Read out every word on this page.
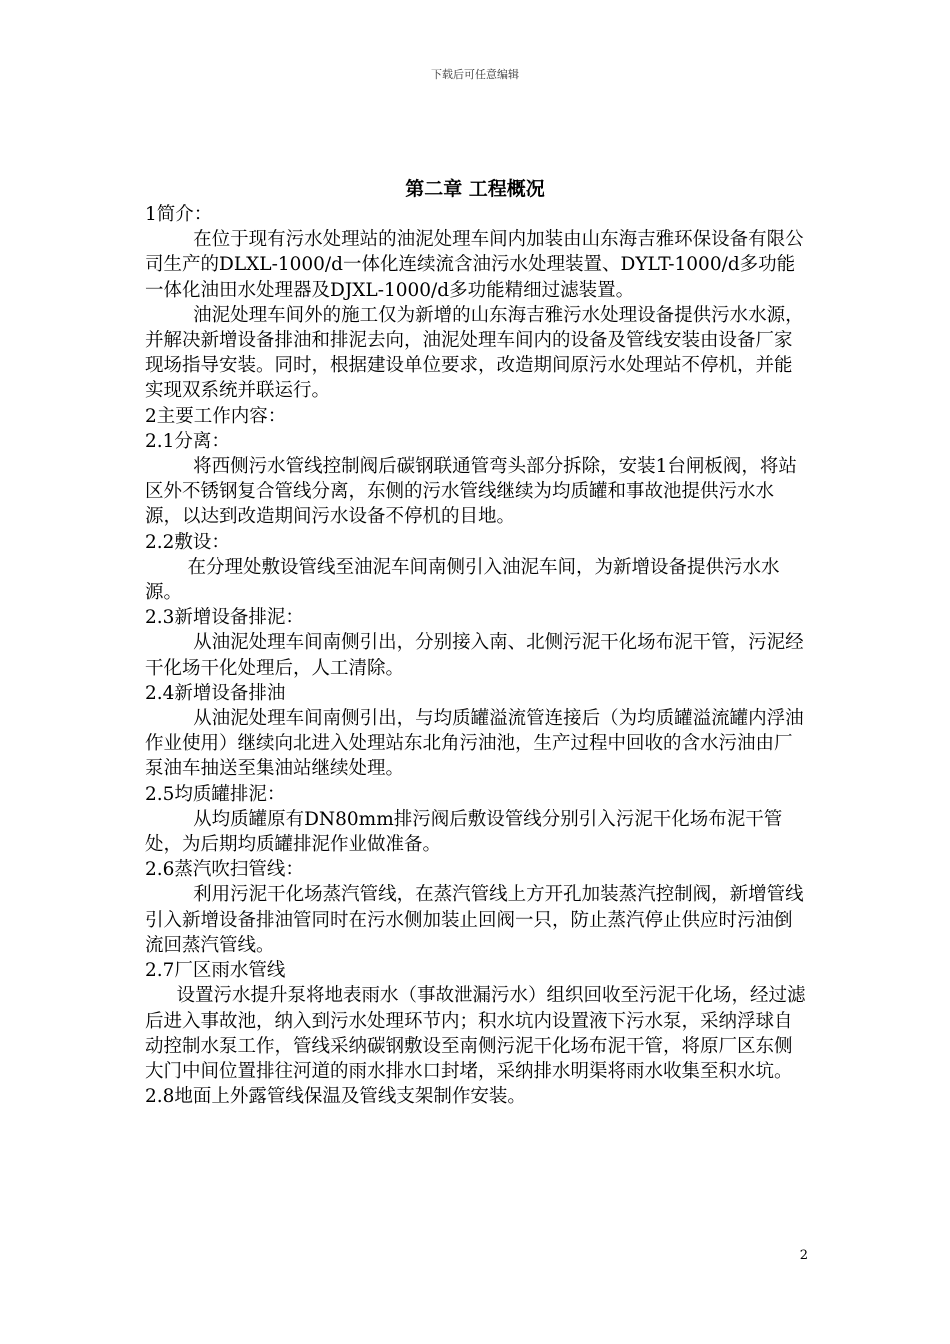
下载后可任意编辑
第二章 工程概况

1简介：

在位于现有污水处理站的油泥处理车间内加装由山东海吉雅环保设备有限公司生产的DLXL-1000/d一体化连续流含油污水处理装置、DYLT-1000/d多功能一体化油田水处理器及DJXL-1000/d多功能精细过滤装置。

油泥处理车间外的施工仅为新增的山东海吉雅污水处理设备提供污水水源，并解决新增设备排油和排泥去向，油泥处理车间内的设备及管线安装由设备厂家现场指导安装。同时，根据建设单位要求，改造期间原污水处理站不停机，并能实现双系统并联运行。

2主要工作内容：

2.1分离：

将西侧污水管线控制阀后碳钢联通管弯头部分拆除，安装1台闸板阀，将站区外不锈钢复合管线分离，东侧的污水管线继续为均质罐和事故池提供污水水源，以达到改造期间污水设备不停机的目地。

2.2敷设：

在分理处敷设管线至油泥车间南侧引入油泥车间，为新增设备提供污水水源。

2.3新增设备排泥：

从油泥处理车间南侧引出，分别接入南、北侧污泥干化场布泥干管，污泥经干化场干化处理后，人工清除。

2.4新增设备排油

从油泥处理车间南侧引出，与均质罐溢流管连接后（为均质罐溢流罐内浮油作业使用）继续向北进入处理站东北角污油池，生产过程中回收的含水污油由厂泵油车抽送至集油站继续处理。

2.5均质罐排泥：

从均质罐原有DN80mm排污阀后敷设管线分别引入污泥干化场布泥干管处，为后期均质罐排泥作业做准备。

2.6蒸汽吹扫管线：

利用污泥干化场蒸汽管线，在蒸汽管线上方开孔加装蒸汽控制阀，新增管线引入新增设备排油管同时在污水侧加装止回阀一只，防止蒸汽停止供应时污油倒流回蒸汽管线。

2.7厂区雨水管线

设置污水提升泵将地表雨水（事故泄漏污水）组织回收至污泥干化场，经过滤后进入事故池，纳入到污水处理环节内；积水坑内设置液下污水泵，采纳浮球自动控制水泵工作，管线采纳碳钢敷设至南侧污泥干化场布泥干管，将原厂区东侧大门中间位置排往河道的雨水排水口封堵，采纳排水明渠将雨水收集至积水坑。

2.8地面上外露管线保温及管线支架制作安装。

2
